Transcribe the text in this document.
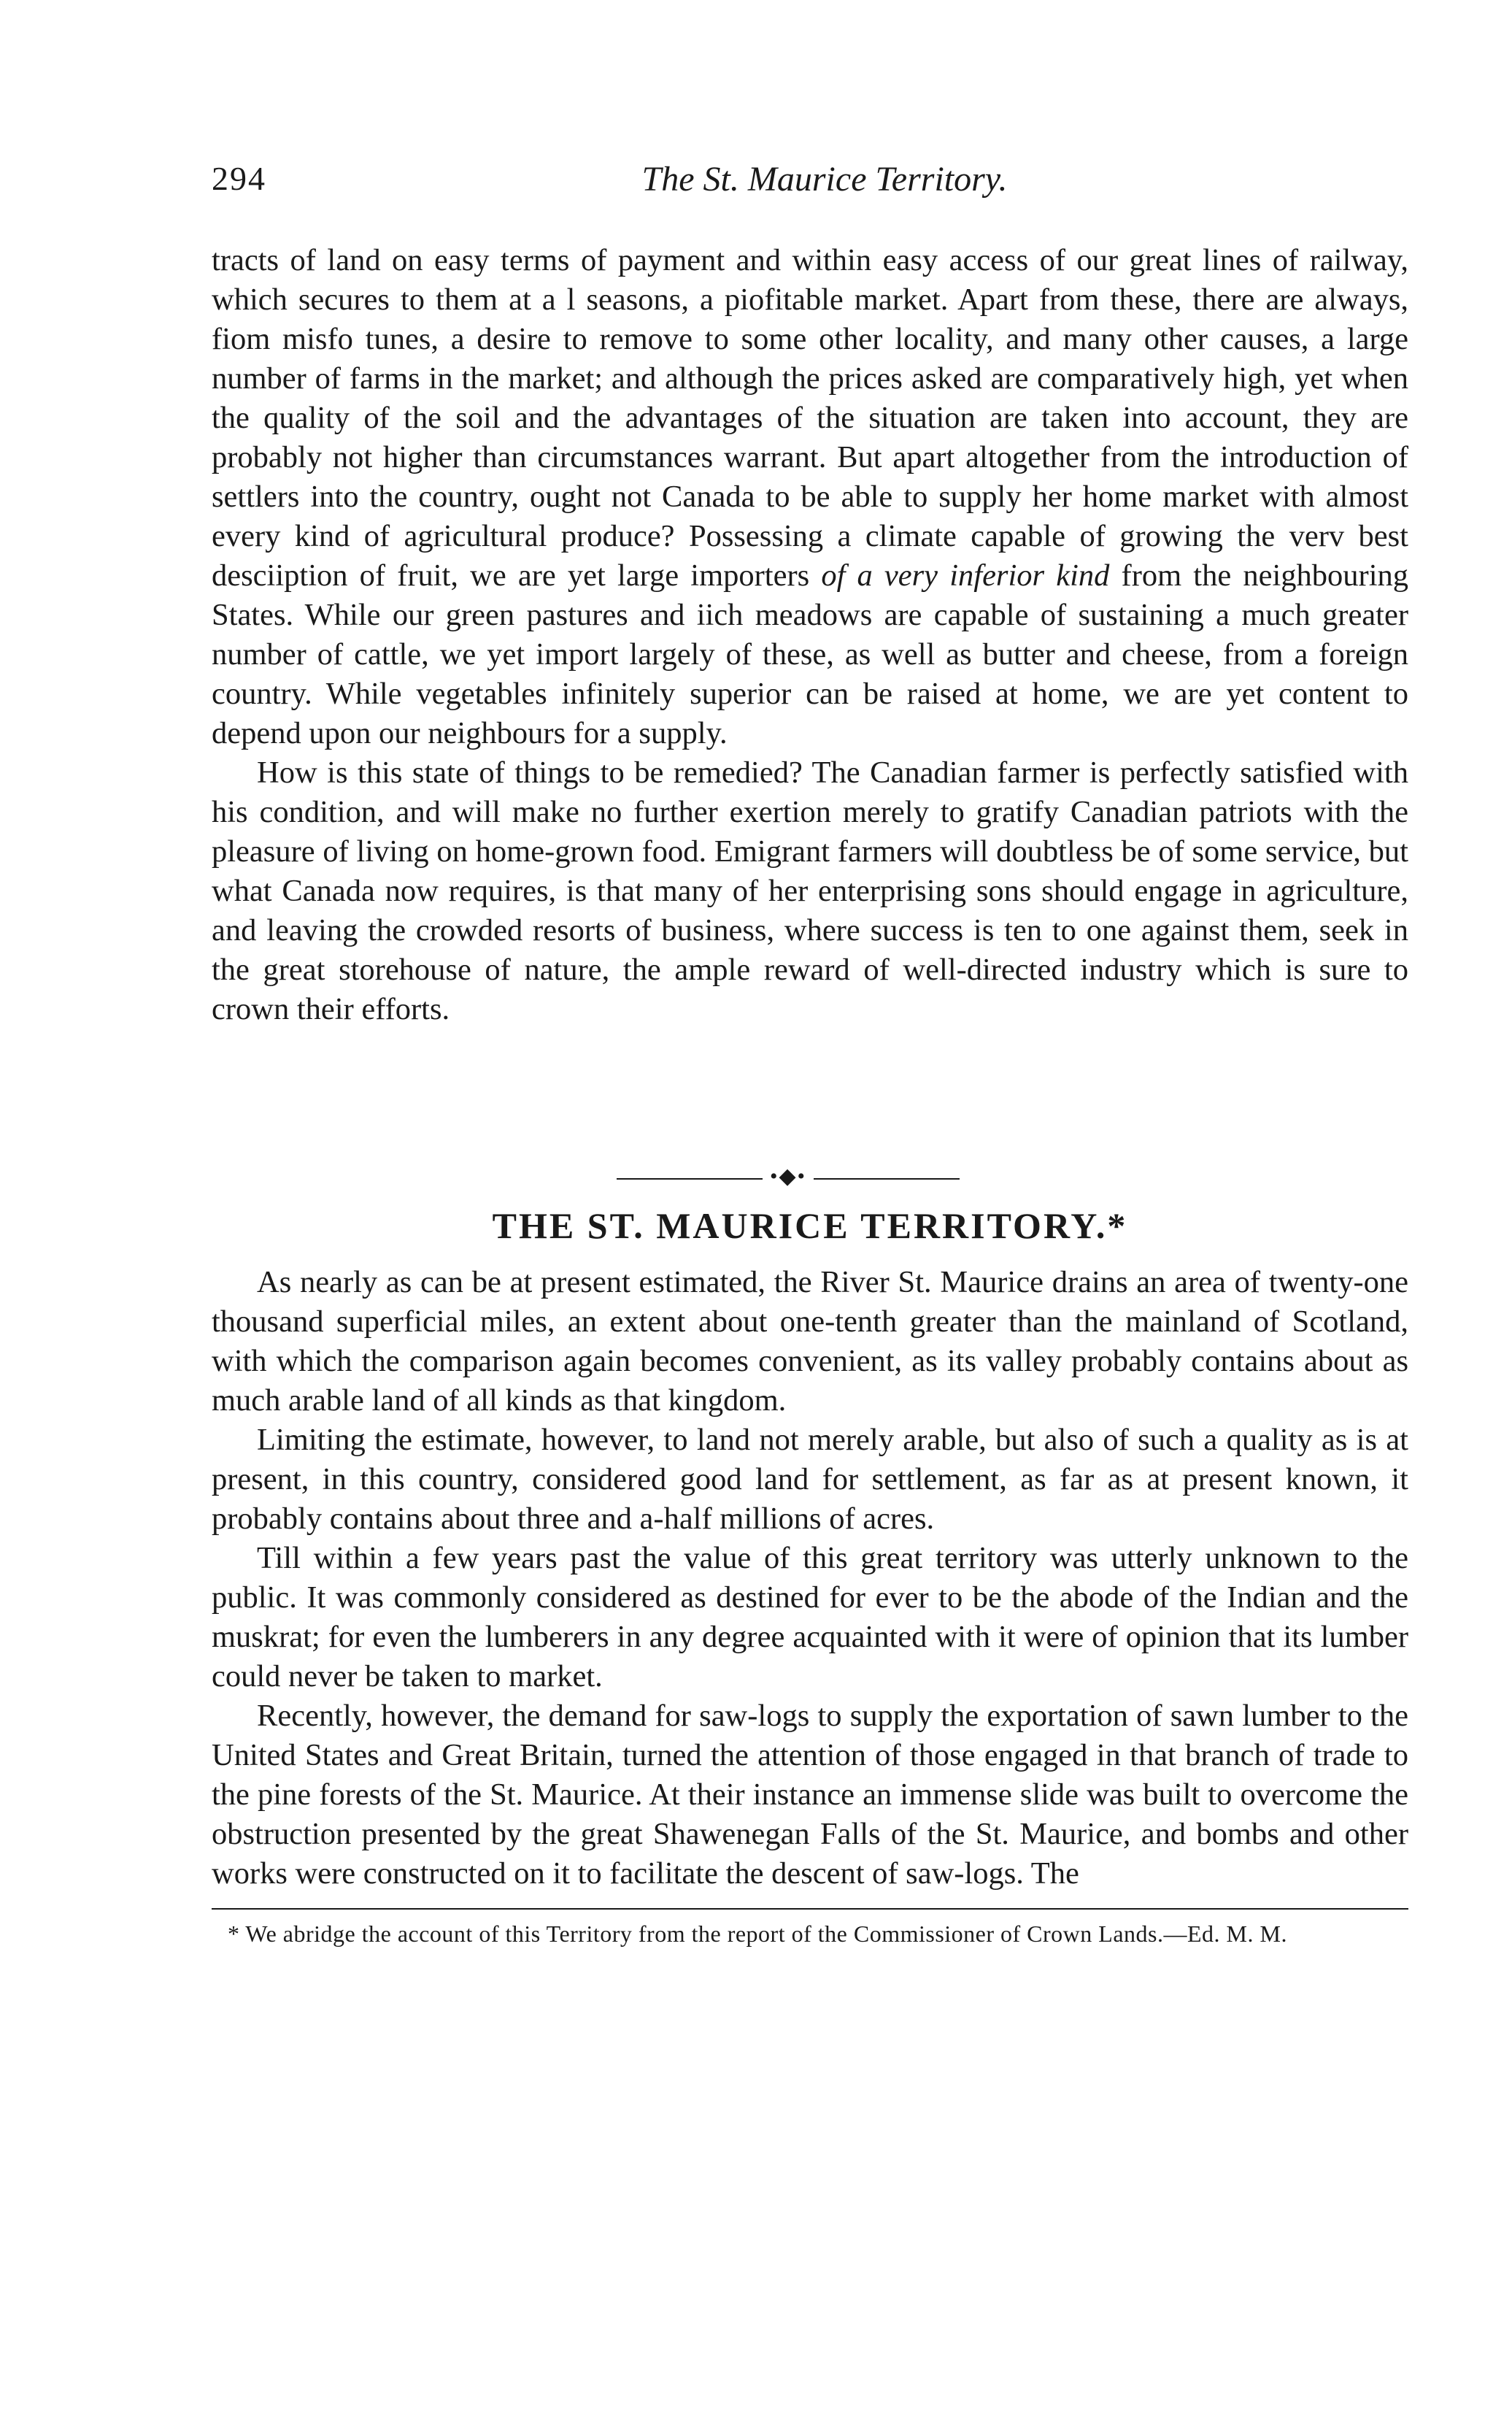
294	The St. Maurice Territory.

tracts of land on easy terms of payment and within easy access of our great lines of railway, which secures to them at a l seasons, a piofitable market. Apart from these, there are always, fiom misfo tunes, a desire to remove to some other locality, and many other causes, a large number of farms in the market; and although the prices asked are comparatively high, yet when the quality of the soil and the advantages of the situation are taken into account, they are probably not higher than circumstances warrant. But apart altogether from the introduction of settlers into the country, ought not Canada to be able to supply her home market with almost every kind of agricultural produce? Possessing a climate capable of growing the verv best desciiption of fruit, we are yet large importers of a very inferior kind from the neighbouring States. While our green pastures and iich meadows are capable of sustaining a much greater number of cattle, we yet import largely of these, as well as butter and cheese, from a foreign country. While vegetables infinitely superior can be raised at home, we are yet content to depend upon our neighbours for a supply.

How is this state of things to be remedied? The Canadian farmer is perfectly satisfied with his condition, and will make no further exertion merely to gratify Canadian patriots with the pleasure of living on home-grown food. Emigrant farmers will doubtless be of some service, but what Canada now requires, is that many of her enterprising sons should engage in agriculture, and leaving the crowded resorts of business, where success is ten to one against them, seek in the great storehouse of nature, the ample reward of well-directed industry which is sure to crown their efforts.

•◆•
THE ST. MAURICE TERRITORY.*

As nearly as can be at present estimated, the River St. Maurice drains an area of twenty-one thousand superficial miles, an extent about one-tenth greater than the mainland of Scotland, with which the comparison again becomes convenient, as its valley probably contains about as much arable land of all kinds as that kingdom.

Limiting the estimate, however, to land not merely arable, but also of such a quality as is at present, in this country, considered good land for settlement, as far as at present known, it probably contains about three and a-half millions of acres.

Till within a few years past the value of this great territory was utterly unknown to the public. It was commonly considered as destined for ever to be the abode of the Indian and the muskrat; for even the lumberers in any degree acquainted with it were of opinion that its lumber could never be taken to market.

Recently, however, the demand for saw-logs to supply the exportation of sawn lumber to the United States and Great Britain, turned the attention of those engaged in that branch of trade to the pine forests of the St. Maurice. At their instance an immense slide was built to overcome the obstruction presented by the great Shawenegan Falls of the St. Maurice, and bombs and other works were constructed on it to facilitate the descent of saw-logs. The

* We abridge the account of this Territory from the report of the Commissioner of Crown Lands.—Ed. M. M.
